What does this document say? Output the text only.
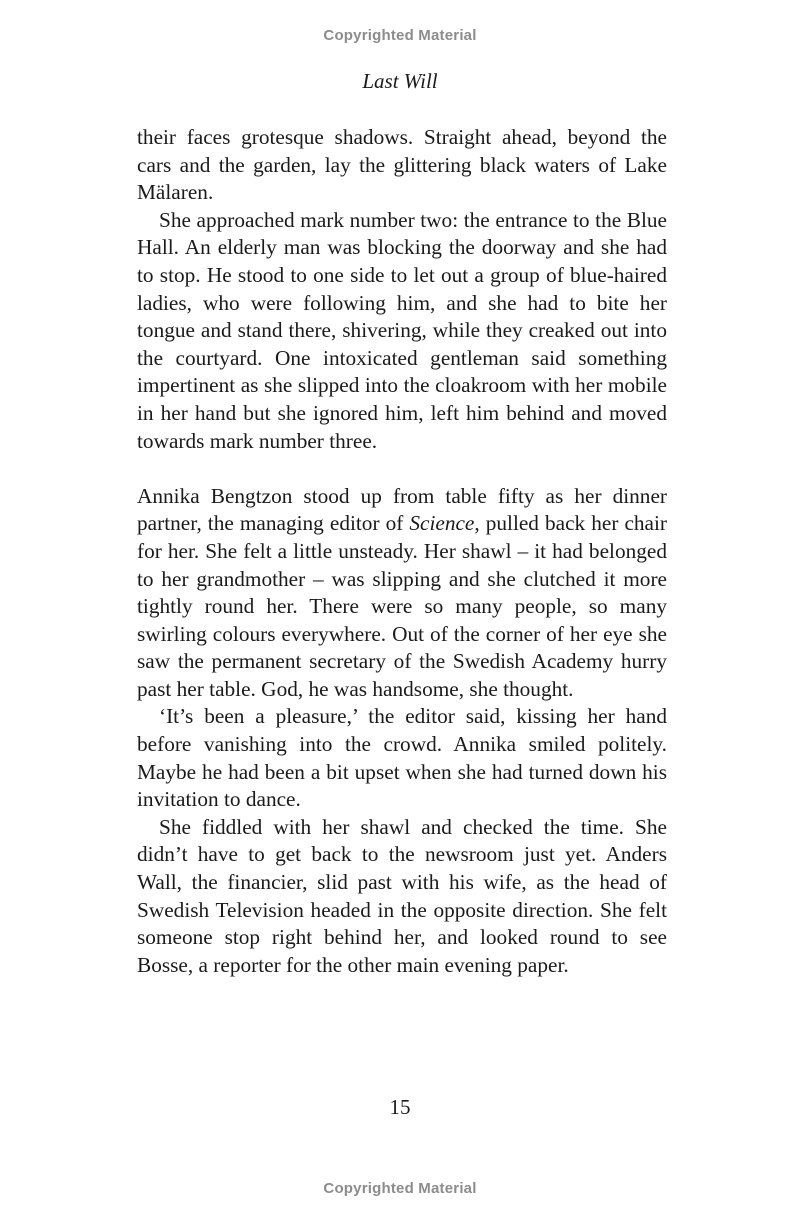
Copyrighted Material
Last Will

their faces grotesque shadows. Straight ahead, beyond the cars and the garden, lay the glittering black waters of Lake Mälaren.

She approached mark number two: the entrance to the Blue Hall. An elderly man was blocking the doorway and she had to stop. He stood to one side to let out a group of blue-haired ladies, who were following him, and she had to bite her tongue and stand there, shivering, while they creaked out into the courtyard. One intoxicated gentleman said something impertinent as she slipped into the cloakroom with her mobile in her hand but she ignored him, left him behind and moved towards mark number three.

Annika Bengtzon stood up from table fifty as her dinner partner, the managing editor of Science, pulled back her chair for her. She felt a little unsteady. Her shawl – it had belonged to her grandmother – was slipping and she clutched it more tightly round her. There were so many people, so many swirling colours everywhere. Out of the corner of her eye she saw the permanent secretary of the Swedish Academy hurry past her table. God, he was handsome, she thought.

‘It’s been a pleasure,’ the editor said, kissing her hand before vanishing into the crowd. Annika smiled politely. Maybe he had been a bit upset when she had turned down his invitation to dance.

She fiddled with her shawl and checked the time. She didn’t have to get back to the newsroom just yet. Anders Wall, the financier, slid past with his wife, as the head of Swedish Television headed in the opposite direction. She felt someone stop right behind her, and looked round to see Bosse, a reporter for the other main evening paper.

15
Copyrighted Material
